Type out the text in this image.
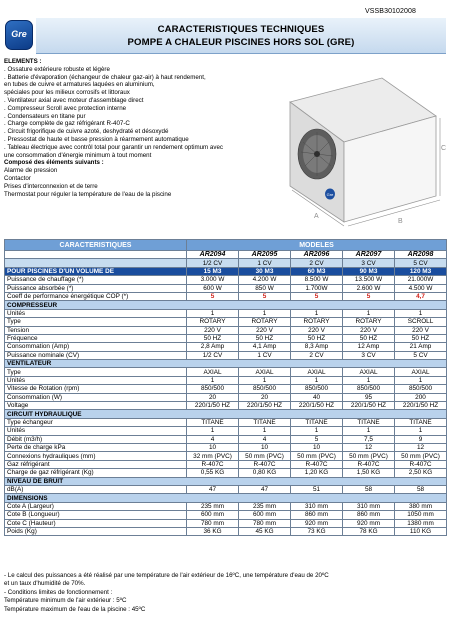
VSSB30102008
Gre	CARACTERISTIQUES TECHNIQUES
POMPE A CHALEUR PISCINES HORS SOL (GRE)
ELEMENTS :
. Ossature extérieure robuste et légère
. Batterie d'évaporation (échangeur de chaleur gaz-air) à haut rendement,
en tubes de cuivre et armatures laquées en aluminium,
spéciales pour les milieux corrosifs et littoraux
. Ventilateur axial avec moteur d'assemblage direct
. Compresseur Scroll avec protection interne
. Condensateurs en titane pur
. Charge complète de gaz réfrigérant R-407-C
. Circuit frigorifique de cuivre azoté, deshydraté et désoxydé
. Pressostat de haute et basse pression à réarmement automatique
. Tableau électrique avec contrôl total pour garantir un rendement optimum avec
une consommation d'énergie minimum à tout moment
Composé des éléments suivants :
Alarme de pression
Contactor
Prises d'interconnexion et de terre
Thermostat pour réguler la température de l'eau de la piscine	Gre
A
B
C
CARACTERISTIQUES	MODELES				
	AR2094	AR2095	AR2096	AR2097	AR2098
	1/2 CV	1 CV	2 CV	3 CV	5 CV
POUR PISCINES D'UN VOLUME DE	15 M3	30 M3	60 M3	90 M3	120 M3
Puissance de chauffage (*)	3.000 W	4.200 W	8.500 W	13.500 W	21.000W
Puissance absorbée (*)	600 W	850 W	1.700W	2.600 W	4.500 W
Coeff de performance énergétique COP (*)	5	5	5	5	4,7
COMPRESSEUR					
Unités	1	1	1	1	1
Type	ROTARY	ROTARY	ROTARY	ROTARY	SCROLL
Tension	220 V	220 V	220 V	220 V	220 V
Fréquence	50 HZ	50 HZ	50 HZ	50 HZ	50 HZ
Consommation (Amp)	2,8 Amp	4,1 Amp	8,3 Amp	12 Amp	21 Amp
Puissance nominale (CV)	1/2 CV	1 CV	2 CV	3 CV	5 CV
VENTILATEUR					
Type	AXIAL	AXIAL	AXIAL	AXIAL	AXIAL
Unités	1	1	1	1	1
Vitesse de Rotation (rpm)	850/500	850/500	850/500	850/500	850/500
Consommation (W)	20	20	40	95	200
Voltage	220/1/50 HZ	220/1/50 HZ	220/1/50 HZ	220/1/50 HZ	220/1/50 HZ
CIRCUIT HYDRAULIQUE					
Type échangeur	TITANE	TITANE	TITANE	TITANE	TITANE
Unités	1	1	1	1	1
Débit (m3/h)	4	4	5	7,5	9
Perte de charge kPa	10	10	10	12	12
Connexions hydrauliques (mm)	32 mm (PVC)	50 mm (PVC)	50 mm (PVC)	50 mm (PVC)	50 mm (PVC)
Gaz réfrigérant	R-407C	R-407C	R-407C	R-407C	R-407C
Charge de gaz réfrigérant (Kg)	0,55 KG	0,80 KG	1,20 KG	1,50 KG	2,50 KG
NIVEAU DE BRUIT					
dB(A)	47	47	51	58	58
DIMENSIONS					
Cote A (Largeur)	235 mm	235 mm	310 mm	310 mm	380 mm
Cote B (Longueur)	600 mm	600 mm	860 mm	860 mm	1050 mm
Cote C (Hauteur)	780 mm	780 mm	920 mm	920 mm	1380 mm
Poids (Kg)	36 KG	45 KG	73 KG	78 KG	110 KG
- Le calcul des puissances a été réalisé par une température de l'air extérieur de 16ºC, une température d'eau de 20ºC
et un taux d'humidité de 70%.
- Conditions limites de fonctionnement :
Température minimum de l'air extérieur : 5ºC
Température maximum de l'eau de la piscine : 45ºC
